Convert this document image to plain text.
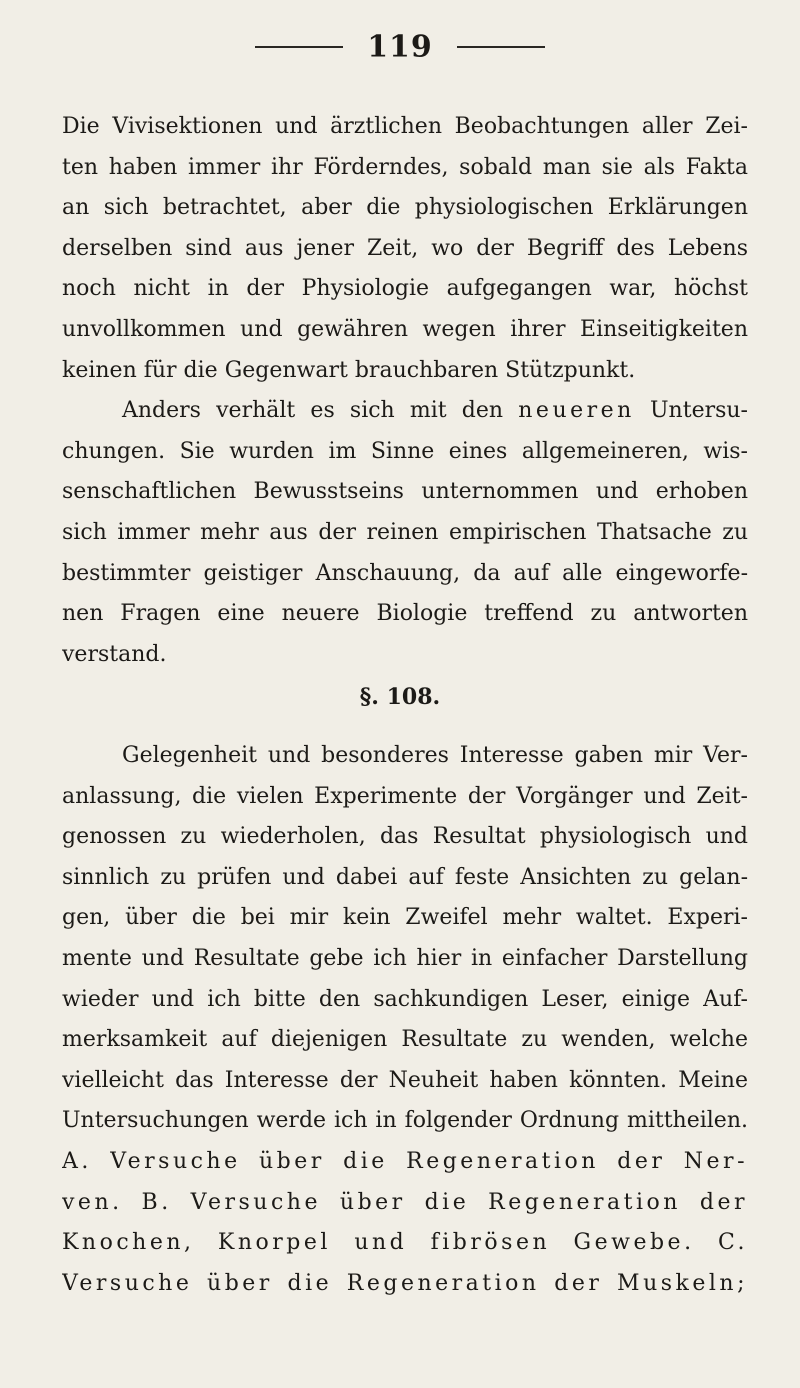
119
Die Vivisektionen und ärztlichen Beobachtungen aller Zei-
ten haben immer ihr Förderndes, sobald man sie als Fakta
an sich betrachtet, aber die physiologischen Erklärungen
derselben sind aus jener Zeit, wo der Begriff des Lebens
noch nicht in der Physiologie aufgegangen war, höchst
unvollkommen und gewähren wegen ihrer Einseitigkeiten
keinen für die Gegenwart brauchbaren Stützpunkt.
Anders verhält es sich mit den neueren Untersu-
chungen. Sie wurden im Sinne eines allgemeineren, wis-
senschaftlichen Bewusstseins unternommen und erhoben
sich immer mehr aus der reinen empirischen Thatsache zu
bestimmter geistiger Anschauung, da auf alle eingeworfe-
nen Fragen eine neuere Biologie treffend zu antworten
verstand.
§. 108.
Gelegenheit und besonderes Interesse gaben mir Ver-
anlassung, die vielen Experimente der Vorgänger und Zeit-
genossen zu wiederholen, das Resultat physiologisch und
sinnlich zu prüfen und dabei auf feste Ansichten zu gelan-
gen, über die bei mir kein Zweifel mehr waltet. Experi-
mente und Resultate gebe ich hier in einfacher Darstellung
wieder und ich bitte den sachkundigen Leser, einige Auf-
merksamkeit auf diejenigen Resultate zu wenden, welche
vielleicht das Interesse der Neuheit haben könnten. Meine
Untersuchungen werde ich in folgender Ordnung mittheilen.
A. Versuche über die Regeneration der Ner-
ven. B. Versuche über die Regeneration der
Knochen, Knorpel und fibrösen Gewebe. C.
Versuche über die Regeneration der Muskeln;
